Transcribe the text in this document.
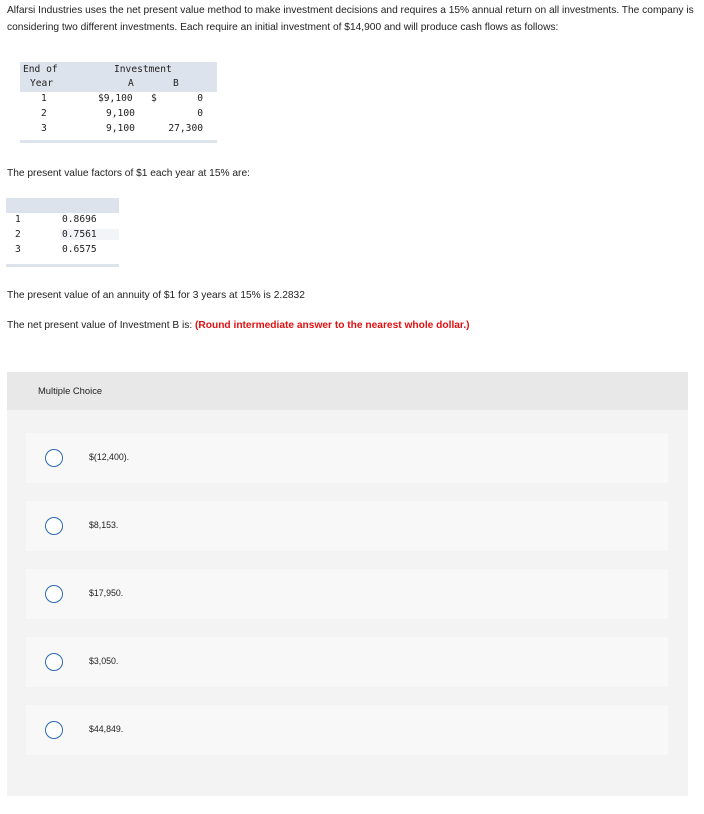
Alfarsi Industries uses the net present value method to make investment decisions and requires a 15% annual return on all investments. The company is considering two different investments. Each require an initial investment of $14,900 and will produce cash flows as follows:

End of
Year
Investment
A	B
1	$9,100 $	0
2	9,100	0
3	9,100	27,300

The present value factors of $1 each year at 15% are:

1	0.8696
2	0.7561
3	0.6575

The present value of an annuity of $1 for 3 years at 15% is 2.2832

The net present value of Investment B is: (Round intermediate answer to the nearest whole dollar.)

Multiple Choice
$(12,400).
$8,153.
$17,950.
$3,050.
$44,849.
